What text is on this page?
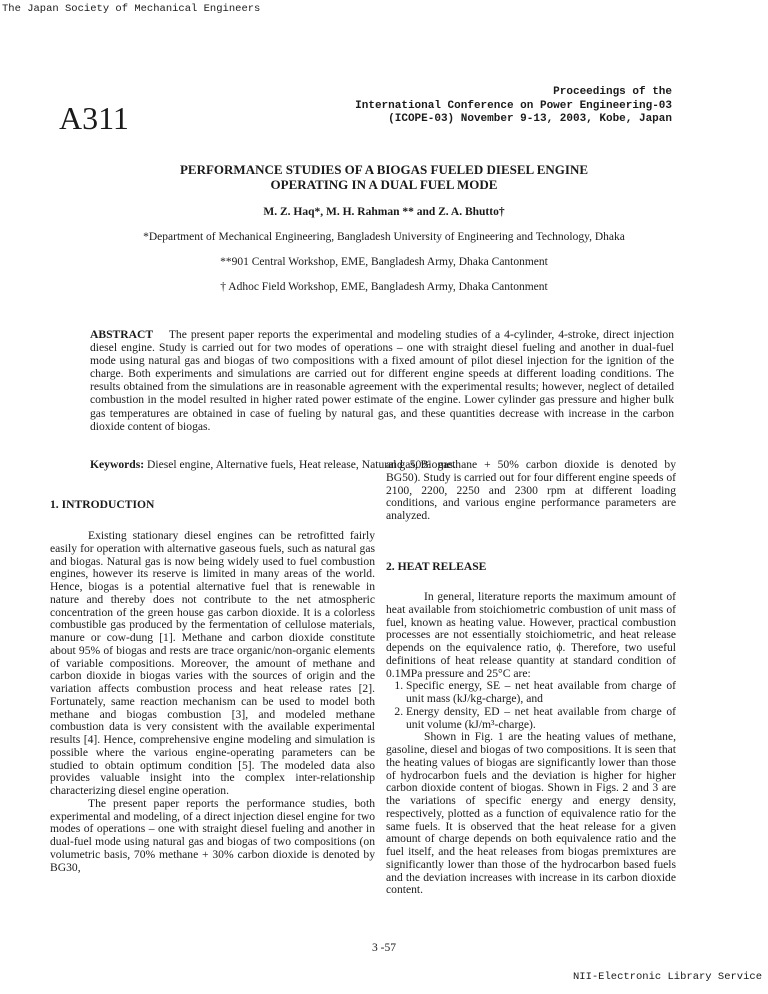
The Japan Society of Mechanical Engineers
Proceedings of the
International Conference on Power Engineering-03
(ICOPE-03) November 9-13, 2003, Kobe, Japan
A311
PERFORMANCE STUDIES OF A BIOGAS FUELED DIESEL ENGINE
OPERATING IN A DUAL FUEL MODE
M. Z. Haq*, M. H. Rahman ** and Z. A. Bhutto†
*Department of Mechanical Engineering, Bangladesh University of Engineering and Technology, Dhaka
**901 Central Workshop, EME, Bangladesh Army, Dhaka Cantonment
† Adhoc Field Workshop, EME, Bangladesh Army, Dhaka Cantonment
ABSTRACT The present paper reports the experimental and modeling studies of a 4-cylinder, 4-stroke, direct injection diesel engine. Study is carried out for two modes of operations – one with straight diesel fueling and another in dual-fuel mode using natural gas and biogas of two compositions with a fixed amount of pilot diesel injection for the ignition of the charge. Both experiments and simulations are carried out for different engine speeds at different loading conditions. The results obtained from the simulations are in reasonable agreement with the experimental results; however, neglect of detailed combustion in the model resulted in higher rated power estimate of the engine. Lower cylinder gas pressure and higher bulk gas temperatures are obtained in case of fueling by natural gas, and these quantities decrease with increase in the carbon dioxide content of biogas.
Keywords: Diesel engine, Alternative fuels, Heat release, Natural gas, Biogas.
1. INTRODUCTION

Existing stationary diesel engines can be retrofitted fairly easily for operation with alternative gaseous fuels, such as natural gas and biogas. Natural gas is now being widely used to fuel combustion engines, however its reserve is limited in many areas of the world. Hence, biogas is a potential alternative fuel that is renewable in nature and thereby does not contribute to the net atmospheric concentration of the green house gas carbon dioxide. It is a colorless combustible gas produced by the fermentation of cellulose materials, manure or cow-dung [1]. Methane and carbon dioxide constitute about 95% of biogas and rests are trace organic/non-organic elements of variable compositions. Moreover, the amount of methane and carbon dioxide in biogas varies with the sources of origin and the variation affects combustion process and heat release rates [2]. Fortunately, same reaction mechanism can be used to model both methane and biogas combustion [3], and modeled methane combustion data is very consistent with the available experimental results [4]. Hence, comprehensive engine modeling and simulation is possible where the various engine-operating parameters can be studied to obtain optimum condition [5]. The modeled data also provides valuable insight into the complex inter-relationship characterizing diesel engine operation.

The present paper reports the performance studies, both experimental and modeling, of a direct injection diesel engine for two modes of operations – one with straight diesel fueling and another in dual-fuel mode using natural gas and biogas of two compositions (on volumetric basis, 70% methane + 30% carbon dioxide is denoted by BG30,

and 50% methane + 50% carbon dioxide is denoted by BG50). Study is carried out for four different engine speeds of 2100, 2200, 2250 and 2300 rpm at different loading conditions, and various engine performance parameters are analyzed.

2. HEAT RELEASE

In general, literature reports the maximum amount of heat available from stoichiometric combustion of unit mass of fuel, known as heating value. However, practical combustion processes are not essentially stoichiometric, and heat release depends on the equivalence ratio, ϕ. Therefore, two useful definitions of heat release quantity at standard condition of 0.1MPa pressure and 25°C are:

1. Specific energy, SE – net heat available from charge of unit mass (kJ/kg-charge), and
2. Energy density, ED – net heat available from charge of unit volume (kJ/m³-charge).

Shown in Fig. 1 are the heating values of methane, gasoline, diesel and biogas of two compositions. It is seen that the heating values of biogas are significantly lower than those of hydrocarbon fuels and the deviation is higher for higher carbon dioxide content of biogas. Shown in Figs. 2 and 3 are the variations of specific energy and energy density, respectively, plotted as a function of equivalence ratio for the same fuels. It is observed that the heat release for a given amount of charge depends on both equivalence ratio and the fuel itself, and the heat releases from biogas premixtures are significantly lower than those of the hydrocarbon based fuels and the deviation increases with increase in its carbon dioxide content.

3 -57
NII-Electronic Library Service
